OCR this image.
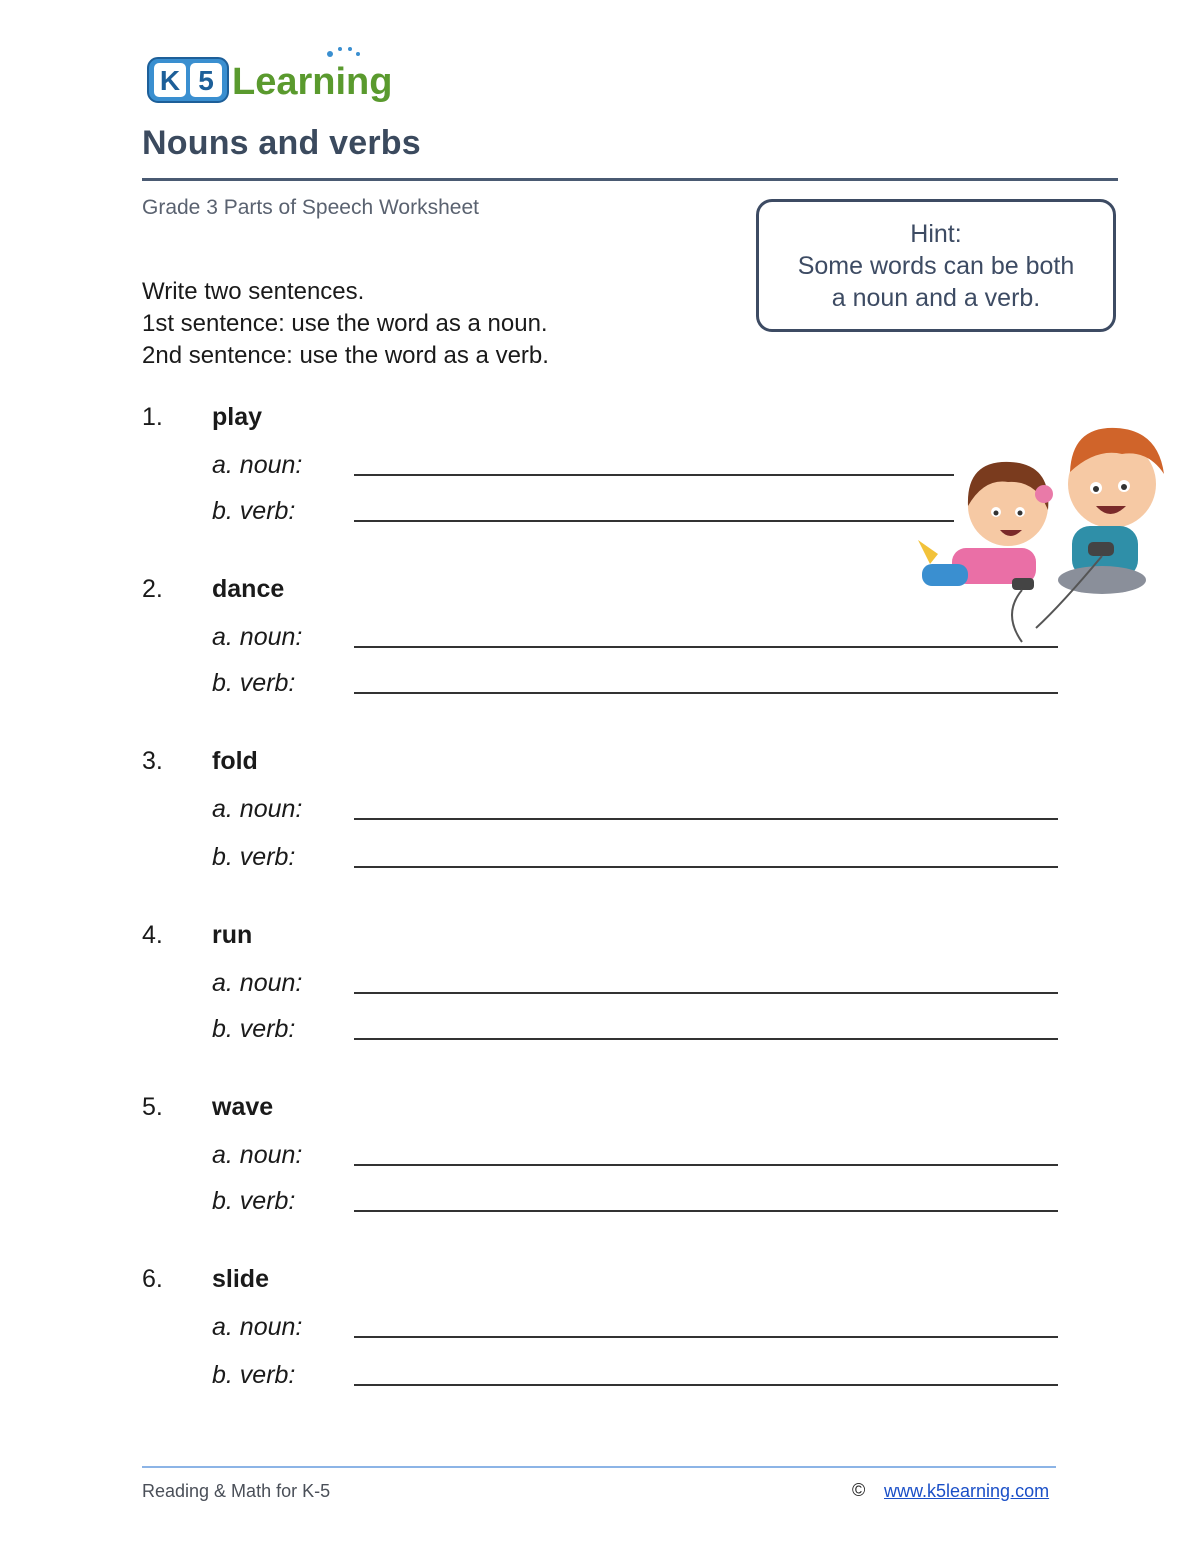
K 5 Learning
Nouns and verbs
Grade 3 Parts of Speech Worksheet
Hint:
Some words can be both
a noun and a verb.
Write two sentences.
1st sentence: use the word as a noun.
2nd sentence: use the word as a verb.
1. play
a. noun:
b. verb:
2. dance
a. noun:
b. verb:
3. fold
a. noun:
b. verb:
4. run
a. noun:
b. verb:
5. wave
a. noun:
b. verb:
6. slide
a. noun:
b. verb:
Reading & Math for K-5	© www.k5learning.com
